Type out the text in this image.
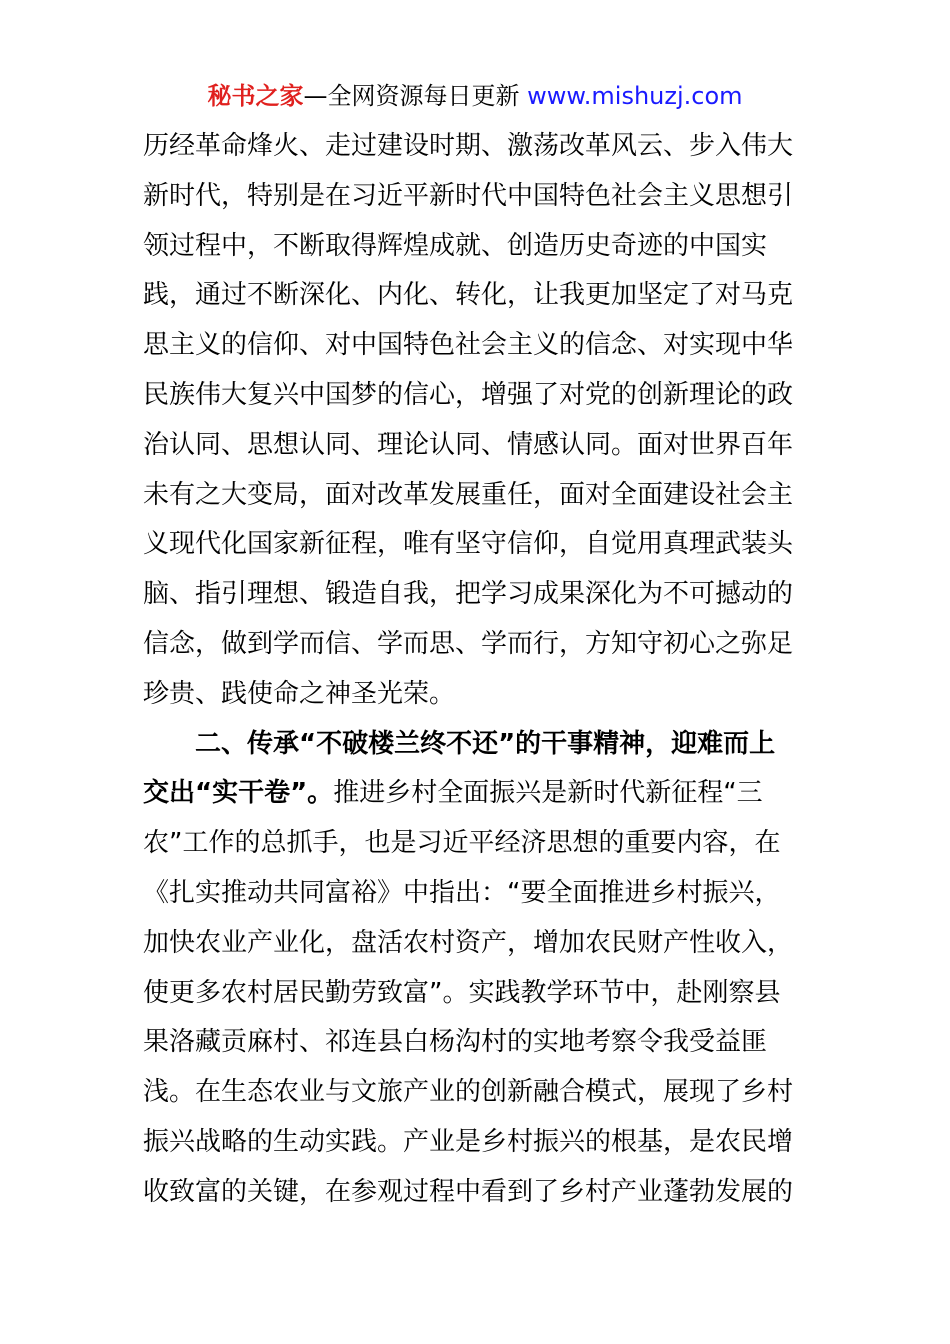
秘书之家—全网资源每日更新 www.mishuzj.com
历经革命烽火、走过建设时期、激荡改革风云、步入伟大
新时代，特别是在习近平新时代中国特色社会主义思想引
领过程中，不断取得辉煌成就、创造历史奇迹的中国实
践，通过不断深化、内化、转化，让我更加坚定了对马克
思主义的信仰、对中国特色社会主义的信念、对实现中华
民族伟大复兴中国梦的信心，增强了对党的创新理论的政
治认同、思想认同、理论认同、情感认同。面对世界百年
未有之大变局，面对改革发展重任，面对全面建设社会主
义现代化国家新征程，唯有坚守信仰，自觉用真理武装头
脑、指引理想、锻造自我，把学习成果深化为不可撼动的
信念，做到学而信、学而思、学而行，方知守初心之弥足
珍贵、践使命之神圣光荣。
二、传承“不破楼兰终不还”的干事精神，迎难而上
交出“实干卷”。推进乡村全面振兴是新时代新征程“三
农”工作的总抓手，也是习近平经济思想的重要内容，在
《扎实推动共同富裕》中指出：“要全面推进乡村振兴，
加快农业产业化，盘活农村资产，增加农民财产性收入，
使更多农村居民勤劳致富”。实践教学环节中，赴刚察县
果洛藏贡麻村、祁连县白杨沟村的实地考察令我受益匪
浅。在生态农业与文旅产业的创新融合模式，展现了乡村
振兴战略的生动实践。产业是乡村振兴的根基，是农民增
收致富的关键，在参观过程中看到了乡村产业蓬勃发展的
